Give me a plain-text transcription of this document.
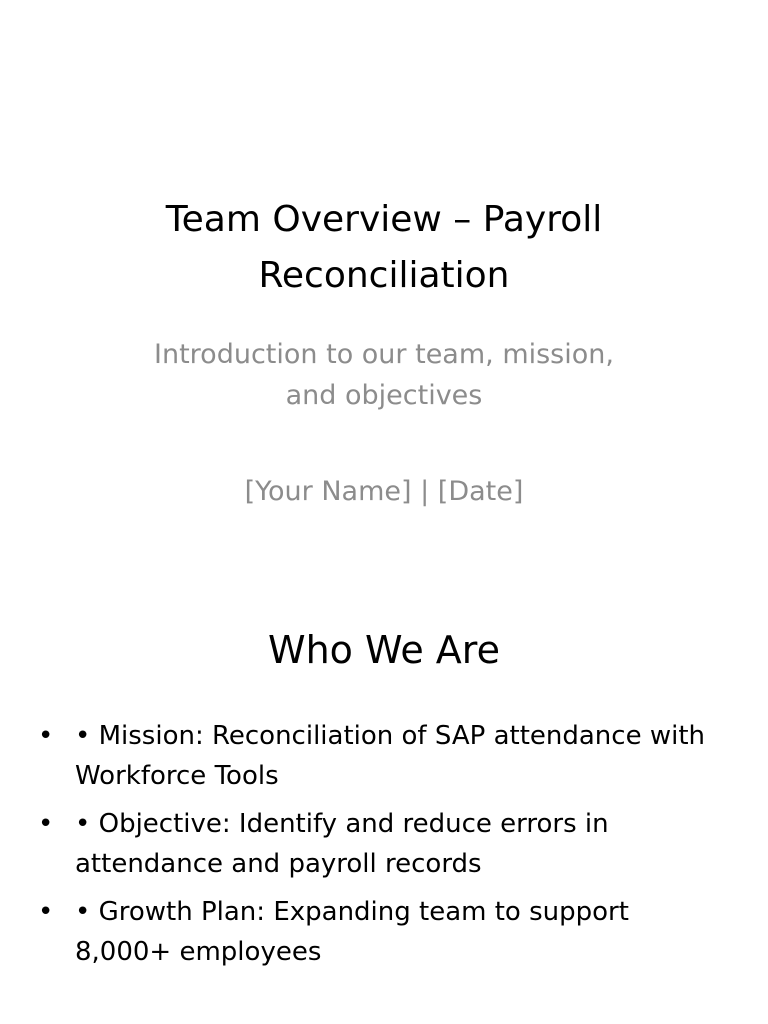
Team Overview – Payroll Reconciliation
Introduction to our team, mission,
and objectives
[Your Name] | [Date]
Who We Are
• • Mission: Reconciliation of SAP attendance with Workforce Tools
• • Objective: Identify and reduce errors in attendance and payroll records
• • Growth Plan: Expanding team to support 8,000+ employees
